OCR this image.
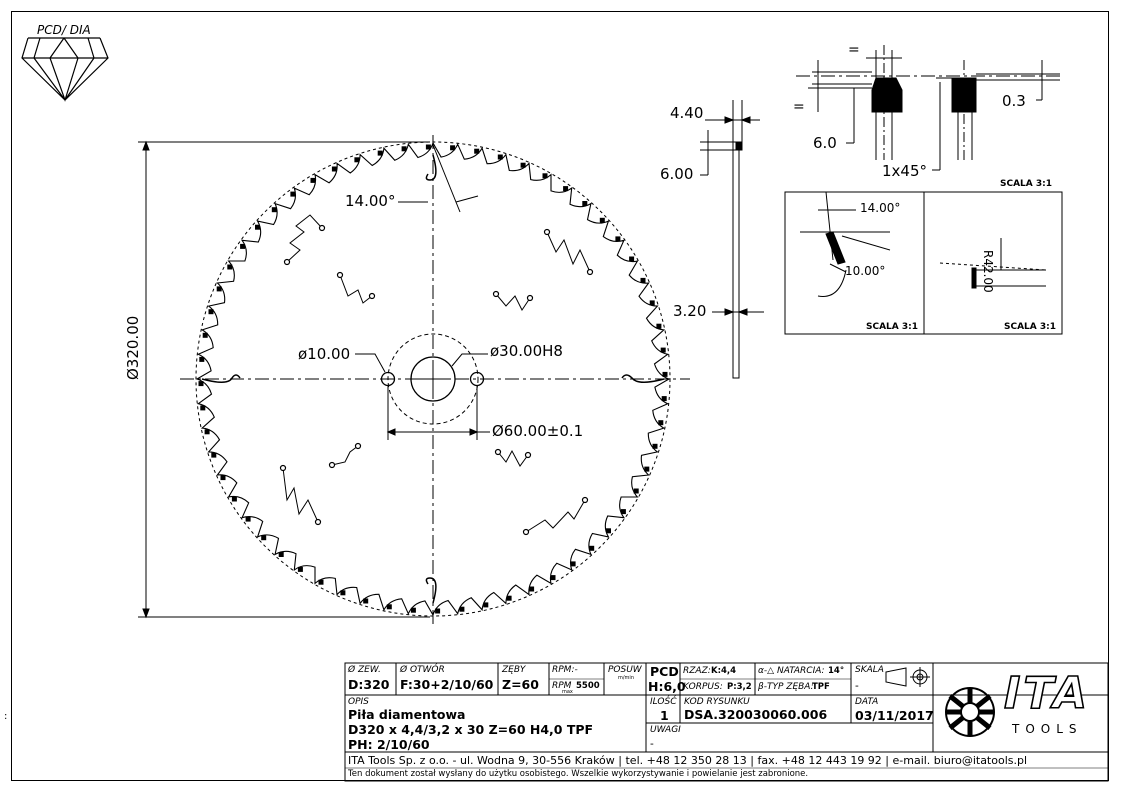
:
PCD/ DIA
Ø320.00
14.00°
ø10.00	ø30.00H8
Ø60.00±0.1
4.40
6.00
3.20
6.0
0.3
1x45°
=
=
14.00°
10.00°	R42.00
SCALA 3:1
SCALA 3:1	SCALA 3:1
Ø ZEW.
D:320
Ø OTWÓR
F:30+2/10/60
ZĘBY
Z=60
RPM:-
RPM 5500
max
POSUW
m/min PCD
H:6,0
RZAZ: K:4,4
KORPUS: P:3,2
α-△ NATARCIA: 14°
β-TYP ZĘBA:
TPF
SKALA
-
OPIS
Piła diamentowa
D320 x 4,4/3,2 x 30 Z=60 H4,0 TPF
PH: 2/10/60
ILOŚĆ
1
KOD RYSUNKU
DSA.320030060.006
DATA
03/11/2017
UWAGI
-
ITA Tools Sp. z o.o. - ul. Wodna 9, 30-556 Kraków | tel. +48 12 350 28 13 | fax. +48 12 443 19 92 | e-mail. biuro@itatools.pl
Ten dokument został wysłany do użytku osobistego. Wszelkie wykorzystywanie i powielanie jest zabronione.
ITA
TOOLS
